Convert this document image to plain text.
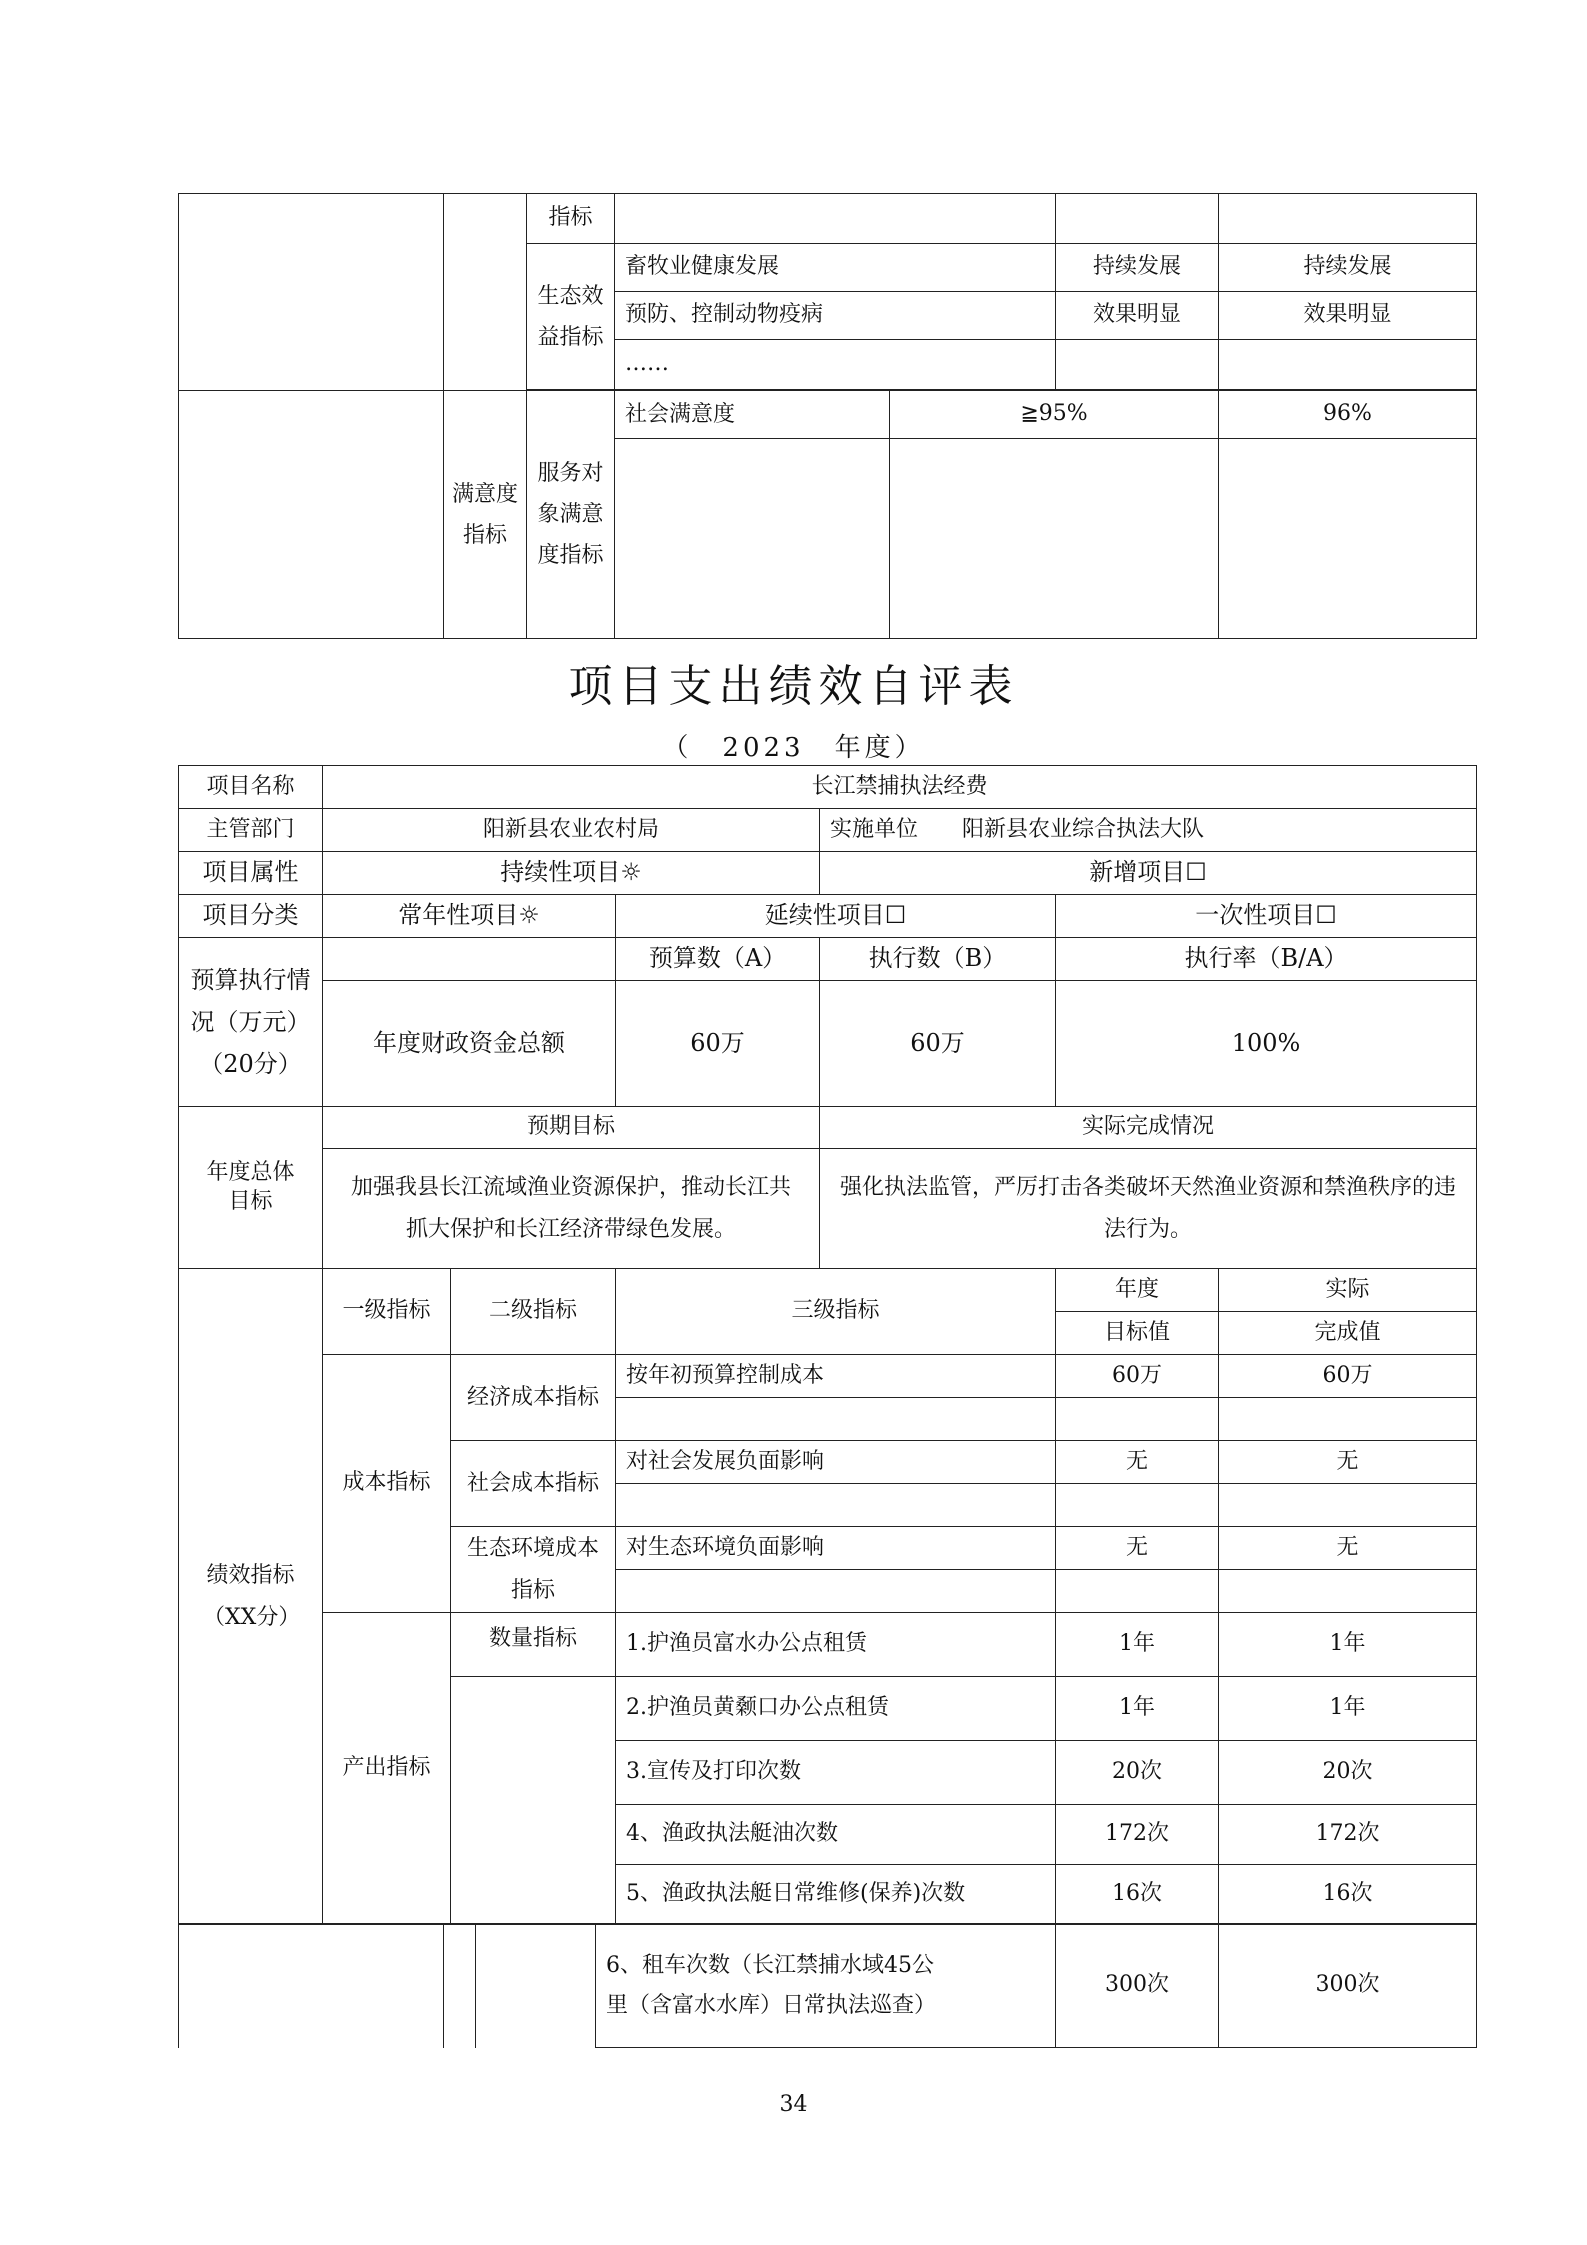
		指标				
		生态效益指标	畜牧业健康发展		持续发展	持续发展
			预防、控制动物疫病		效果明显	效果明显
			……			

	满意度指标	服务对象满意度指标	社会满意度	≧95%		96%

项目支出绩效自评表
（　2023　年度）
项目名称	长江禁捕执法经费					
主管部门	阳新县农业农村局			实施单位 阳新县农业综合执法大队		
项目属性	持续性项目☼			新增项目☐		
项目分类	常年性项目☼		延续性项目☐		一次性项目☐	
预算执行情况（万元）（20分）			预算数（A）	执行数（B）	执行率（B/A）	
	年度财政资金总额		60万	60万	100%	
年度总体目标	预期目标			实际完成情况		
	加强我县长江流域渔业资源保护，推动长江共抓大保护和长江经济带绿色发展。			强化执法监管，严厉打击各类破坏天然渔业资源和禁渔秩序的违法行为。		
绩效指标（XX分）	一级指标	二级指标	三级指标		年度	实际
					目标值	完成值
	成本指标	经济成本指标	按年初预算控制成本		60万	60万

		社会成本指标	对社会发展负面影响		无	无

		生态环境成本指标	对生态环境负面影响		无	无

	产出指标	数量指标	1.护渔员富水办公点租赁		1年	1年
			2.护渔员黄颡口办公点租赁		1年	1年
			3.宣传及打印次数		20次	20次
			4、渔政执法艇油次数		172次	172次
			5、渔政执法艇日常维修(保养)次数		16次	16次
			6、租车次数（长江禁捕水域45公里（含富水水库）日常执法巡查）	300次	300次
34
